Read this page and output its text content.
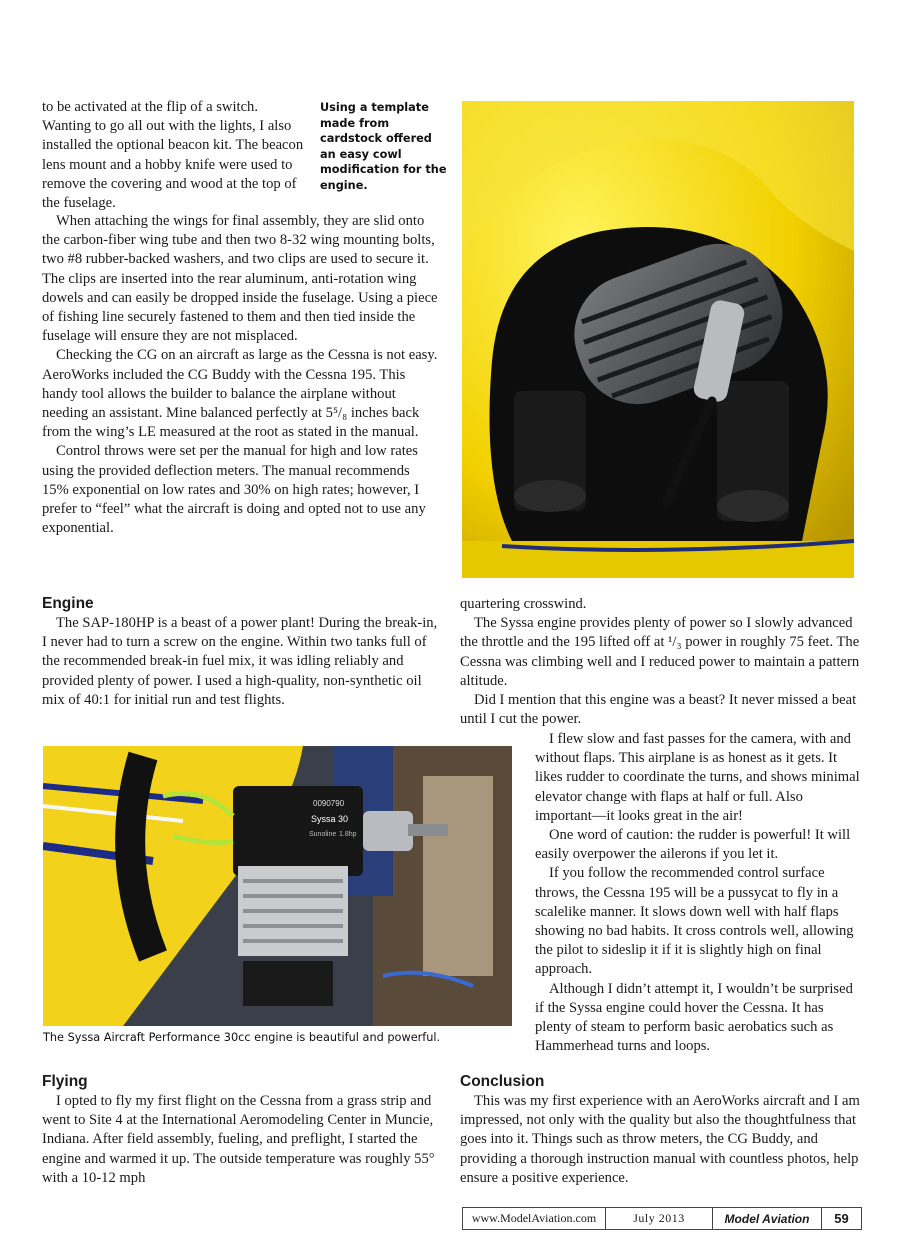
to be activated at the flip of a switch. Wanting to go all out with the lights, I also installed the optional beacon kit. The beacon lens mount and a hobby knife were used to remove the covering and wood at the top of the fuselage.

Using a template made from cardstock offered an easy cowl modification for the engine.

When attaching the wings for final assembly, they are slid onto the carbon-fiber wing tube and then two 8-32 wing mounting bolts, two #8 rubber-backed washers, and two clips are used to secure it. The clips are inserted into the rear aluminum, anti-rotation wing dowels and can easily be dropped inside the fuselage. Using a piece of fishing line securely fastened to them and then tied inside the fuselage will ensure they are not misplaced.

Checking the CG on an aircraft as large as the Cessna is not easy. AeroWorks included the CG Buddy with the Cessna 195. This handy tool allows the builder to balance the airplane without needing an assistant. Mine balanced perfectly at 5⁵/₈ inches back from the wing’s LE measured at the root as stated in the manual.

Control throws were set per the manual for high and low rates using the provided deflection meters. The manual recommends 15% exponential on low rates and 30% on high rates; however, I prefer to “feel” what the aircraft is doing and opted not to use any exponential.

Engine

The SAP-180HP is a beast of a power plant! During the break-in, I never had to turn a screw on the engine. Within two tanks full of the recommended break-in fuel mix, it was idling reliably and provided plenty of power. I used a high-quality, non-synthetic oil mix of 40:1 for initial run and test flights.

quartering crosswind.

The Syssa engine provides plenty of power so I slowly advanced the throttle and the 195 lifted off at ¹/₃ power in roughly 75 feet. The Cessna was climbing well and I reduced power to maintain a pattern altitude.

Did I mention that this engine was a beast? It never missed a beat until I cut the power.

0090790
Syssa 30
Sunoline 1.8hp
The Syssa Aircraft Performance 30cc engine is beautiful and powerful.

I flew slow and fast passes for the camera, with and without flaps. This airplane is as honest as it gets. It likes rudder to coordinate the turns, and shows minimal elevator change with flaps at half or full. Also important—it looks great in the air!

One word of caution: the rudder is powerful! It will easily overpower the ailerons if you let it.

If you follow the recommended control surface throws, the Cessna 195 will be a pussycat to fly in a scalelike manner. It slows down well with half flaps showing no bad habits. It cross controls well, allowing the pilot to sideslip it if it is slightly high on final approach.

Although I didn’t attempt it, I wouldn’t be surprised if the Syssa engine could hover the Cessna. It has plenty of steam to perform basic aerobatics such as Hammerhead turns and loops.

Flying

I opted to fly my first flight on the Cessna from a grass strip and went to Site 4 at the International Aeromodeling Center in Muncie, Indiana. After field assembly, fueling, and preflight, I started the engine and warmed it up. The outside temperature was roughly 55° with a 10-12 mph

Conclusion

This was my first experience with an AeroWorks aircraft and I am impressed, not only with the quality but also the thoughtfulness that goes into it. Things such as throw meters, the CG Buddy, and providing a thorough instruction manual with countless photos, help ensure a positive experience.

www.ModelAviation.com	July 2013	Model Aviation	59
